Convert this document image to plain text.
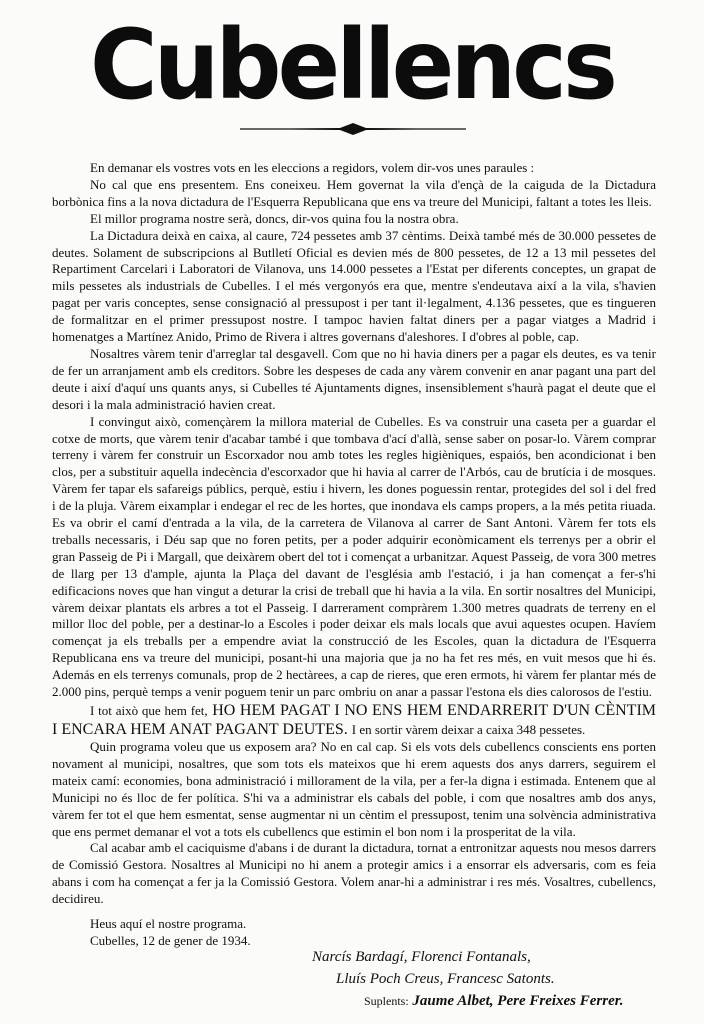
Cubellencs

En demanar els vostres vots en les eleccions a regidors, volem dir-vos unes paraules :

No cal que ens presentem. Ens coneixeu. Hem governat la vila d'ençà de la caiguda de la Dictadura borbònica fins a la nova dictadura de l'Esquerra Republicana que ens va treure del Municipi, faltant a totes les lleis.

El millor programa nostre serà, doncs, dir-vos quina fou la nostra obra.

La Dictadura deixà en caixa, al caure, 724 pessetes amb 37 cèntims. Deixà també més de 30.000 pessetes de deutes. Solament de subscripcions al Butlletí Oficial es devien més de 800 pessetes, de 12 a 13 mil pessetes del Repartiment Carcelari i Laboratori de Vilanova, uns 14.000 pessetes a l'Estat per diferents conceptes, un grapat de mils pessetes als industrials de Cubelles. I el més vergonyós era que, mentre s'endeutava així a la vila, s'havien pagat per varis conceptes, sense consignació al pressupost i per tant il·legalment, 4.136 pessetes, que es tingueren de formalitzar en el primer pressupost nostre. I tampoc havien faltat diners per a pagar viatges a Madrid i homenatges a Martínez Anido, Primo de Rivera i altres governans d'aleshores. I d'obres al poble, cap.

Nosaltres vàrem tenir d'arreglar tal desgavell. Com que no hi havia diners per a pagar els deutes, es va tenir de fer un arranjament amb els creditors. Sobre les despeses de cada any vàrem convenir en anar pagant una part del deute i així d'aquí uns quants anys, si Cubelles té Ajuntaments dignes, insensiblement s'haurà pagat el deute que el desori i la mala administració havien creat.

I convingut això, començàrem la millora material de Cubelles. Es va construir una caseta per a guardar el cotxe de morts, que vàrem tenir d'acabar també i que tombava d'ací d'allà, sense saber on posar-lo. Vàrem comprar terreny i vàrem fer construir un Escorxador nou amb totes les regles higièniques, espaiós, ben acondicionat i ben clos, per a substituir aquella indecència d'escorxador que hi havia al carrer de l'Arbós, cau de brutícia i de mosques. Vàrem fer tapar els safareigs públics, perquè, estiu i hivern, les dones poguessin rentar, protegides del sol i del fred i de la pluja. Vàrem eixamplar i endegar el rec de les hortes, que inondava els camps propers, a la més petita riuada. Es va obrir el camí d'entrada a la vila, de la carretera de Vilanova al carrer de Sant Antoni. Vàrem fer tots els treballs necessaris, i Déu sap que no foren petits, per a poder adquirir econòmicament els terrenys per a obrir el gran Passeig de Pi i Margall, que deixàrem obert del tot i començat a urbanitzar. Aquest Passeig, de vora 300 metres de llarg per 13 d'ample, ajunta la Plaça del davant de l'església amb l'estació, i ja han començat a fer-s'hi edificacions noves que han vingut a deturar la crisi de treball que hi havia a la vila. En sortir nosaltres del Municipi, vàrem deixar plantats els arbres a tot el Passeig. I darrerament compràrem 1.300 metres quadrats de terreny en el millor lloc del poble, per a destinar-lo a Escoles i poder deixar els mals locals que avui aquestes ocupen. Havíem començat ja els treballs per a empendre aviat la construcció de les Escoles, quan la dictadura de l'Esquerra Republicana ens va treure del municipi, posant-hi una majoria que ja no ha fet res més, en vuit mesos que hi és. Además en els terrenys comunals, prop de 2 hectàrees, a cap de rieres, que eren ermots, hi vàrem fer plantar més de 2.000 pins, perquè temps a venir poguem tenir un parc ombriu on anar a passar l'estona els dies calorosos de l'estiu.

I tot això que hem fet, HO HEM PAGAT I NO ENS HEM ENDARRERIT D'UN CÈNTIM I ENCARA HEM ANAT PAGANT DEUTES. I en sortir vàrem deixar a caixa 348 pessetes.

Quin programa voleu que us exposem ara? No en cal cap. Si els vots dels cubellencs conscients ens porten novament al municipi, nosaltres, que som tots els mateixos que hi erem aquests dos anys darrers, seguirem el mateix camí: economies, bona administració i millorament de la vila, per a fer-la digna i estimada. Entenem que al Municipi no és lloc de fer política. S'hi va a administrar els cabals del poble, i com que nosaltres amb dos anys, vàrem fer tot el que hem esmentat, sense augmentar ni un cèntim el pressupost, tenim una solvència administrativa que ens permet demanar el vot a tots els cubellencs que estimin el bon nom i la prosperitat de la vila.

Cal acabar amb el caciquisme d'abans i de durant la dictadura, tornat a entronitzar aquests nou mesos darrers de Comissió Gestora. Nosaltres al Municipi no hi anem a protegir amics i a ensorrar els adversaris, com es feia abans i com ha començat a fer ja la Comissió Gestora. Volem anar-hi a administrar i res més. Vosaltres, cubellencs, decidireu.

Heus aquí el nostre programa.
Cubelles, 12 de gener de 1934.
Narcís Bardagí, Florenci Fontanals,
Lluís Poch Creus, Francesc Satonts.
Suplents: Jaume Albet, Pere Freixes Ferrer.
